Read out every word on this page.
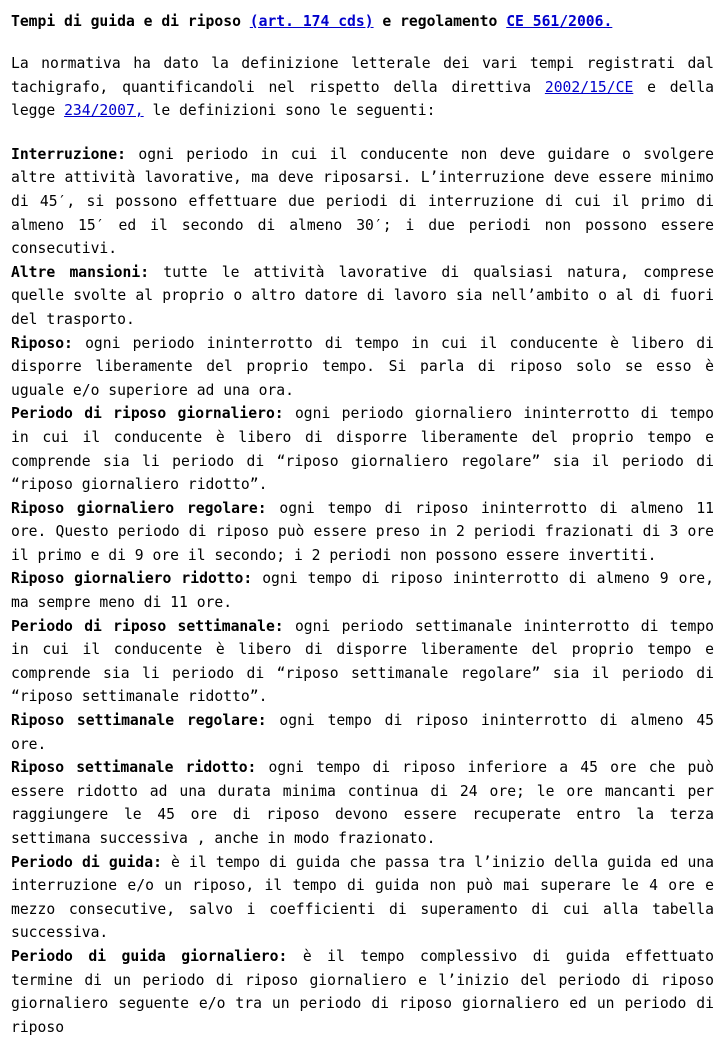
Tempi di guida e di riposo (art. 174 cds) e regolamento CE 561/2006.

La normativa ha dato la definizione letterale dei vari tempi registrati dal tachigrafo, quantificandoli nel rispetto della direttiva 2002/15/CE e della legge 234/2007, le definizioni sono le seguenti:

Interruzione: ogni periodo in cui il conducente non deve guidare o svolgere altre attività lavorative, ma deve riposarsi. L’interruzione deve essere minimo di 45′, si possono effettuare due periodi di interruzione di cui il primo di almeno 15′ ed il secondo di almeno 30′; i due periodi non possono essere consecutivi.

Altre mansioni: tutte le attività lavorative di qualsiasi natura, comprese quelle svolte al proprio o altro datore di lavoro sia nell’ambito o al di fuori del trasporto.

Riposo: ogni periodo ininterrotto di tempo in cui il conducente è libero di disporre liberamente del proprio tempo. Si parla di riposo solo se esso è uguale e/o superiore ad una ora.

Periodo di riposo giornaliero: ogni periodo giornaliero ininterrotto di tempo in cui il conducente è libero di disporre liberamente del proprio tempo e comprende sia li periodo di “riposo giornaliero regolare” sia il periodo di “riposo giornaliero ridotto”.

Riposo giornaliero regolare: ogni tempo di riposo ininterrotto di almeno 11 ore. Questo periodo di riposo può essere preso in 2 periodi frazionati di 3 ore il primo e di 9 ore il secondo; i 2 periodi non possono essere invertiti.

Riposo giornaliero ridotto: ogni tempo di riposo ininterrotto di almeno 9 ore, ma sempre meno di 11 ore.

Periodo di riposo settimanale: ogni periodo settimanale ininterrotto di tempo in cui il conducente è libero di disporre liberamente del proprio tempo e comprende sia li periodo di “riposo settimanale regolare” sia il periodo di “riposo settimanale ridotto”.

Riposo settimanale regolare: ogni tempo di riposo ininterrotto di almeno 45 ore.

Riposo settimanale ridotto: ogni tempo di riposo inferiore a 45 ore che può essere ridotto ad una durata minima continua di 24 ore; le ore mancanti per raggiungere le 45 ore di riposo devono essere recuperate entro la terza settimana successiva , anche in modo frazionato.

Periodo di guida: è il tempo di guida che passa tra l’inizio della guida ed una interruzione e/o un riposo, il tempo di guida non può mai superare le 4 ore e mezzo consecutive, salvo i coefficienti di superamento di cui alla tabella successiva.

Periodo di guida giornaliero: è il tempo complessivo di guida effettuato termine di un periodo di riposo giornaliero e l’inizio del periodo di riposo giornaliero seguente e/o tra un periodo di riposo giornaliero ed un periodo di riposo
